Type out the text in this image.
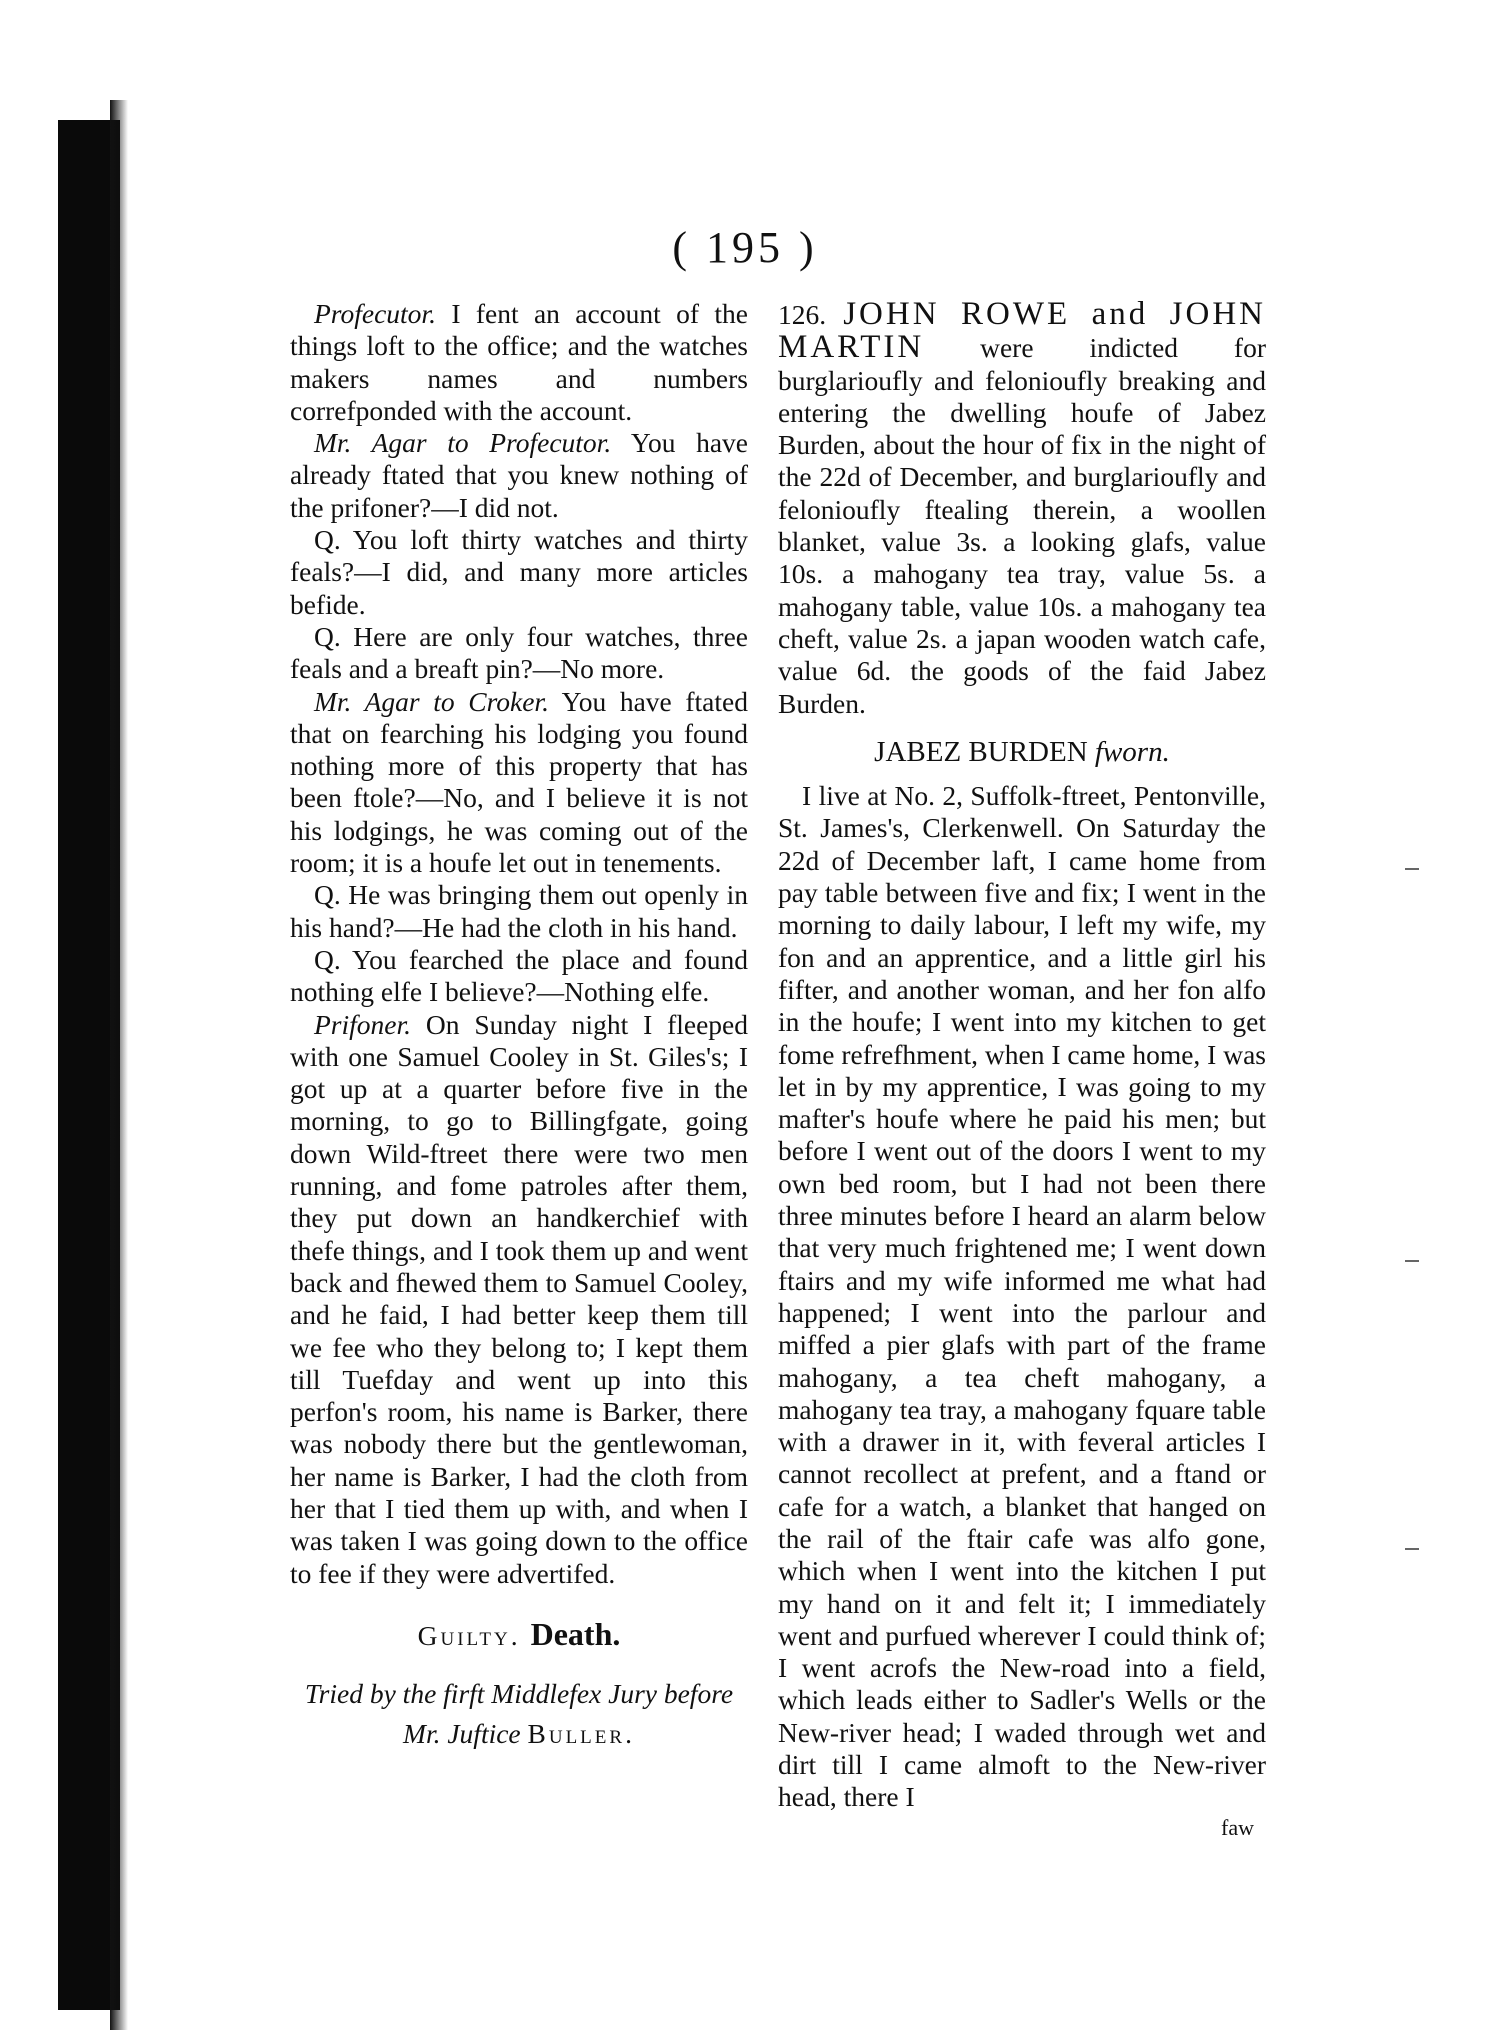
( 195 )

Profecutor. I fent an account of the things loft to the office; and the watches makers names and numbers correfponded with the account.

Mr. Agar to Profecutor. You have already ftated that you knew nothing of the prifoner?—I did not.

Q. You loft thirty watches and thirty feals?—I did, and many more articles befide.

Q. Here are only four watches, three feals and a breaft pin?—No more.

Mr. Agar to Croker. You have ftated that on fearching his lodging you found nothing more of this property that has been ftole?—No, and I believe it is not his lodgings, he was coming out of the room; it is a houfe let out in tenements.

Q. He was bringing them out openly in his hand?—He had the cloth in his hand.

Q. You fearched the place and found nothing elfe I believe?—Nothing elfe.

Prifoner. On Sunday night I fleeped with one Samuel Cooley in St. Giles's; I got up at a quarter before five in the morning, to go to Billingfgate, going down Wild-ftreet there were two men running, and fome patroles after them, they put down an handkerchief with thefe things, and I took them up and went back and fhewed them to Samuel Cooley, and he faid, I had better keep them till we fee who they belong to; I kept them till Tuefday and went up into this perfon's room, his name is Barker, there was nobody there but the gentlewoman, her name is Barker, I had the cloth from her that I tied them up with, and when I was taken I was going down to the office to fee if they were advertifed.

Guilty. Death.

Tried by the firft Middlefex Jury before
Mr. Juftice Buller.

126. JOHN ROWE and JOHN MARTIN were indicted for burglarioufly and felonioufly breaking and entering the dwelling houfe of Jabez Burden, about the hour of fix in the night of the 22d of December, and burglarioufly and felonioufly ftealing therein, a woollen blanket, value 3s. a looking glafs, value 10s. a mahogany tea tray, value 5s. a mahogany table, value 10s. a mahogany tea cheft, value 2s. a japan wooden watch cafe, value 6d. the goods of the faid Jabez Burden.

JABEZ BURDEN fworn.

I live at No. 2, Suffolk-ftreet, Pentonville, St. James's, Clerkenwell. On Saturday the 22d of December laft, I came home from pay table between five and fix; I went in the morning to daily labour, I left my wife, my fon and an apprentice, and a little girl his fifter, and another woman, and her fon alfo in the houfe; I went into my kitchen to get fome refrefhment, when I came home, I was let in by my apprentice, I was going to my mafter's houfe where he paid his men; but before I went out of the doors I went to my own bed room, but I had not been there three minutes before I heard an alarm below that very much frightened me; I went down ftairs and my wife informed me what had happened; I went into the parlour and miffed a pier glafs with part of the frame mahogany, a tea cheft mahogany, a mahogany tea tray, a mahogany fquare table with a drawer in it, with feveral articles I cannot recollect at prefent, and a ftand or cafe for a watch, a blanket that hanged on the rail of the ftair cafe was alfo gone, which when I went into the kitchen I put my hand on it and felt it; I immediately went and purfued wherever I could think of; I went acrofs the New-road into a field, which leads either to Sadler's Wells or the New-river head; I waded through wet and dirt till I came almoft to the New-river head, there I

faw
